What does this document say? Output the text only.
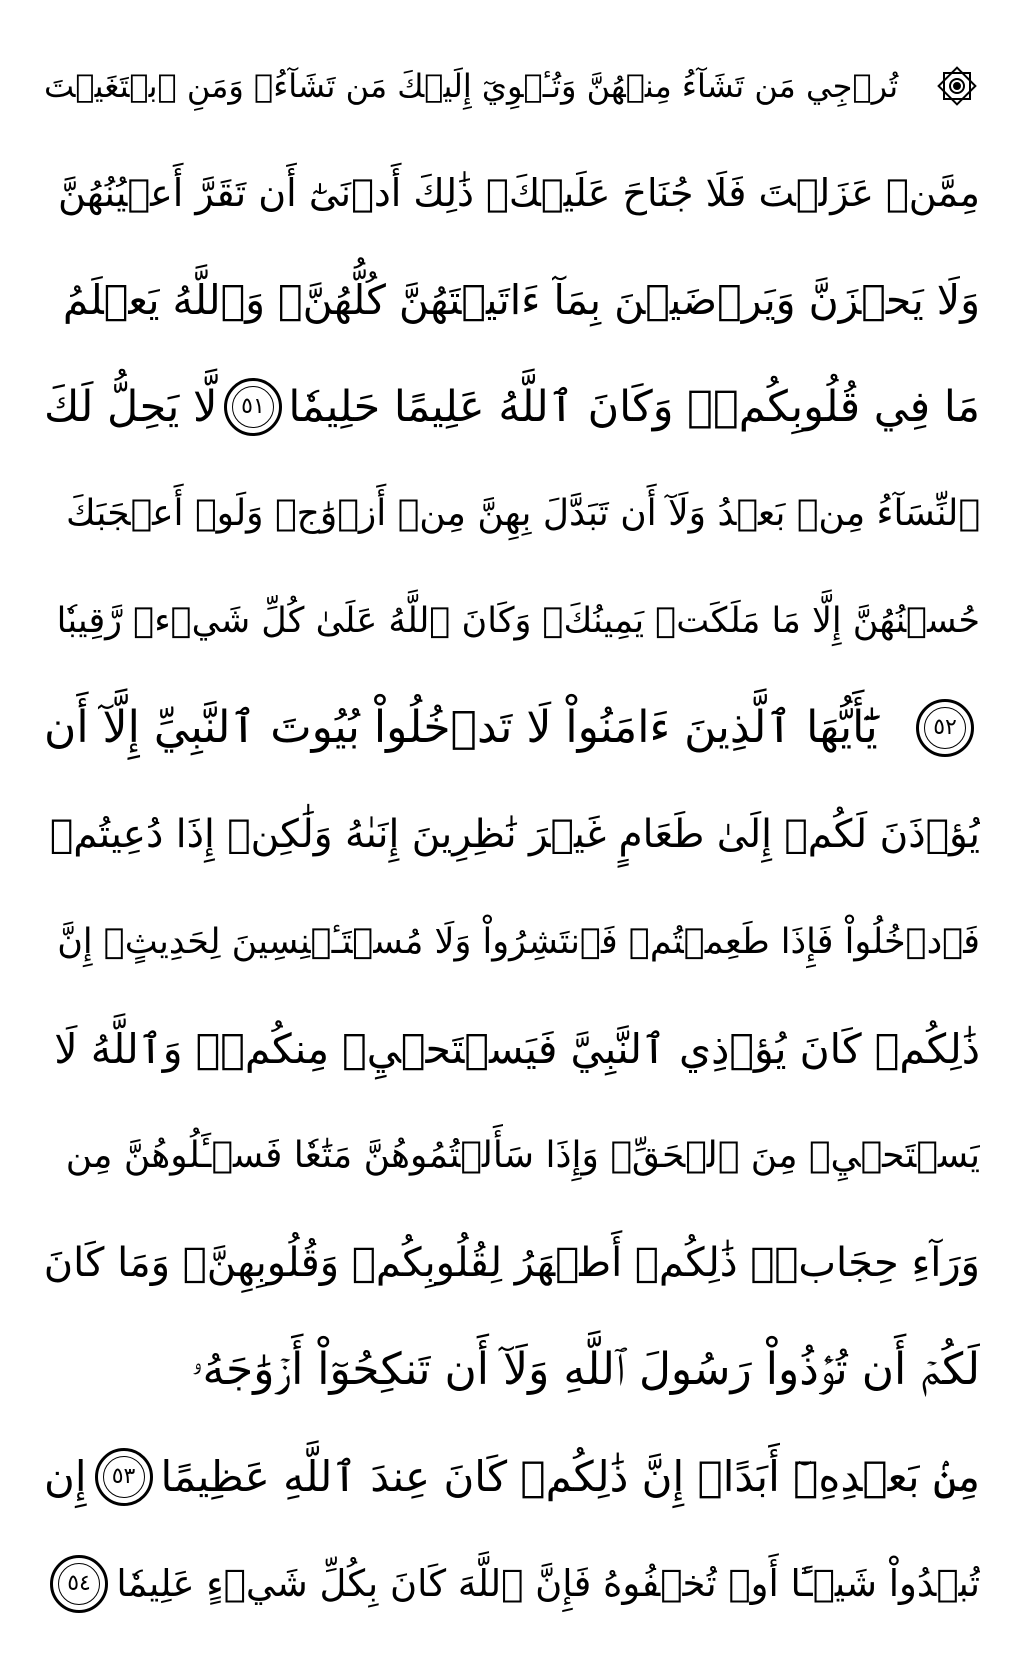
تُرۡجِي مَن تَشَآءُ مِنۡهُنَّ وَتُـٔۡوِيٓ إِلَيۡكَ مَن تَشَآءُۖ وَمَنِ ٱبۡتَغَيۡتَ
مِمَّنۡ عَزَلۡتَ فَلَا جُنَاحَ عَلَيۡكَۚ ذَٰلِكَ أَدۡنَىٰٓ أَن تَقَرَّ أَعۡيُنُهُنَّ
وَلَا يَحۡزَنَّ وَيَرۡضَيۡنَ بِمَآ ءَاتَيۡتَهُنَّ كُلُّهُنَّۚ وَٱللَّهُ يَعۡلَمُ
مَا فِي قُلُوبِكُمۡۚ وَكَانَ ٱللَّهُ عَلِيمًا حَلِيمٗا
٥١
لَّا يَحِلُّ لَكَ
ٱلنِّسَآءُ مِنۢ بَعۡدُ وَلَآ أَن تَبَدَّلَ بِهِنَّ مِنۡ أَزۡوَٰجٖ وَلَوۡ أَعۡجَبَكَ
حُسۡنُهُنَّ إِلَّا مَا مَلَكَتۡ يَمِينُكَۗ وَكَانَ ٱللَّهُ عَلَىٰ كُلِّ شَيۡءٖ رَّقِيبٗا
٥٢
يَٰٓأَيُّهَا ٱلَّذِينَ ءَامَنُواْ لَا تَدۡخُلُواْ بُيُوتَ ٱلنَّبِيِّ إِلَّآ أَن
يُؤۡذَنَ لَكُمۡ إِلَىٰ طَعَامٍ غَيۡرَ نَٰظِرِينَ إِنَىٰهُ وَلَٰكِنۡ إِذَا دُعِيتُمۡ
فَٱدۡخُلُواْ فَإِذَا طَعِمۡتُمۡ فَٱنتَشِرُواْ وَلَا مُسۡتَـٔۡنِسِينَ لِحَدِيثٍۚ إِنَّ
ذَٰلِكُمۡ كَانَ يُؤۡذِي ٱلنَّبِيَّ فَيَسۡتَحۡيِۦ مِنكُمۡۖ وَٱللَّهُ لَا
يَسۡتَحۡيِۦ مِنَ ٱلۡحَقِّۚ وَإِذَا سَأَلۡتُمُوهُنَّ مَتَٰعٗا فَسۡـَٔلُوهُنَّ مِن
وَرَآءِ حِجَابٖۚ ذَٰلِكُمۡ أَطۡهَرُ لِقُلُوبِكُمۡ وَقُلُوبِهِنَّۚ وَمَا كَانَ
لَكُمۡ أَن تُؤۡذُواْ رَسُولَ ٱللَّهِ وَلَآ أَن تَنكِحُوٓاْ أَزۡوَٰجَهُۥ
مِنۢ بَعۡدِهِۦٓ أَبَدًاۚ إِنَّ ذَٰلِكُمۡ كَانَ عِندَ ٱللَّهِ عَظِيمًا
٥٣
إِن
تُبۡدُواْ شَيۡـًٔا أَوۡ تُخۡفُوهُ فَإِنَّ ٱللَّهَ كَانَ بِكُلِّ شَيۡءٍ عَلِيمٗا
٥٤
